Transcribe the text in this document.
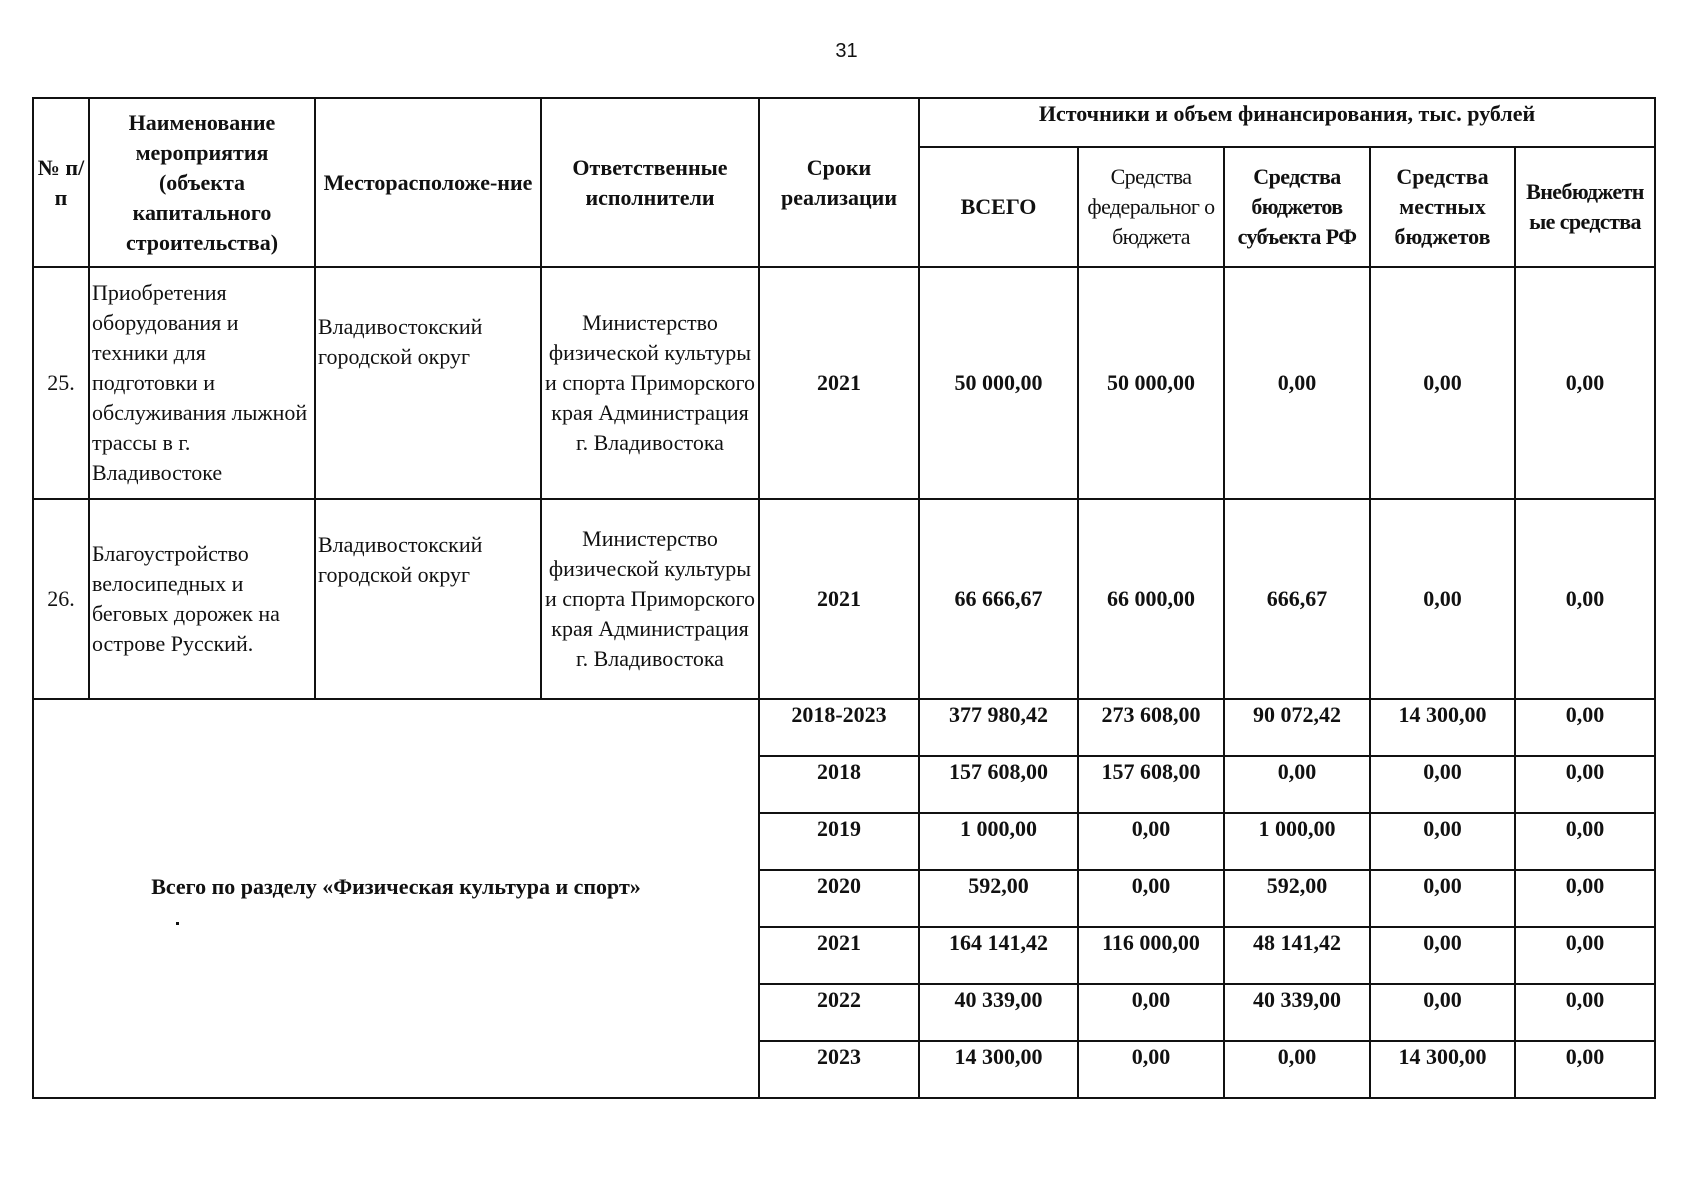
31
№ п/п	Наименование мероприятия (объекта капитального строительства)	Месторасположе-ние	Ответственные исполнители	Сроки реализации	Источники и объем финансирования, тыс. рублей				
					ВСЕГО	Средства федеральног о бюджета	Средства бюджетов субъекта РФ	Средства местных бюджетов	Внебюджетн ые средства
25.	Приобретения оборудования и техники для подготовки и обслуживания лыжной трассы в г. Владивостоке	Владивостокский городской округ	Министерство физической культуры и спорта Приморского края Администрация г. Владивостока	2021	50 000,00	50 000,00	0,00	0,00	0,00
26.	Благоустройство велосипедных и беговых дорожек на острове Русский.	Владивостокский городской округ	Министерство физической культуры и спорта Приморского края Администрация г. Владивостока	2021	66 666,67	66 000,00	666,67	0,00	0,00
Всего по разделу «Физическая культура и спорт»				2018-2023	377 980,42	273 608,00	90 072,42	14 300,00	0,00
				2018	157 608,00	157 608,00	0,00	0,00	0,00
				2019	1 000,00	0,00	1 000,00	0,00	0,00
				2020	592,00	0,00	592,00	0,00	0,00
				2021	164 141,42	116 000,00	48 141,42	0,00	0,00
				2022	40 339,00	0,00	40 339,00	0,00	0,00
				2023	14 300,00	0,00	0,00	14 300,00	0,00
